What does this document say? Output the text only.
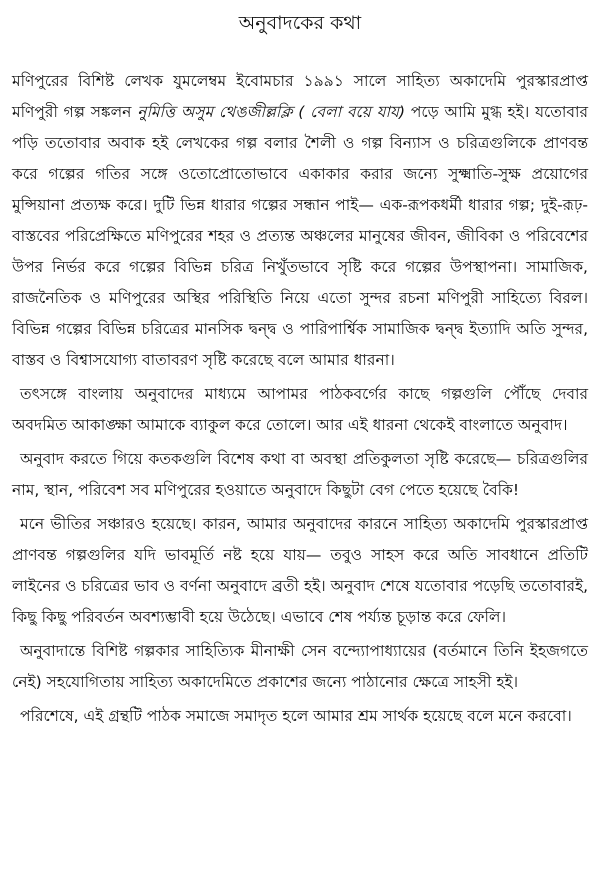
অনুবাদকের কথা

মণিপুরের বিশিষ্ট লেখক যুমলেম্বম ইবোমচার ১৯৯১ সালে সাহিত্য অকাদেমি পুরস্কারপ্রাপ্ত মণিপুরী গল্প সঙ্কলন নুমিত্তি অসুম থেঙজীল্লক্লি ( বেলা বয়ে যায) পড়ে আমি মুগ্ধ হই। যতোবার পড়ি ততোবার অবাক হই লেখকের গল্প বলার শৈলী ও গল্প বিন্যাস ও চরিত্রগুলিকে প্রাণবন্ত করে গল্পের গতির সঙ্গে ওতোপ্রোতোভাবে একাকার করার জন্যে সুক্ষ্মাতি-সুক্ষ প্রয়োগের মুন্সিয়ানা প্রত্যক্ষ করে। দুটি ভিন্ন ধারার গল্পের সন্ধান পাই— এক-রূপকধর্মী ধারার গল্প; দুই-রূঢ়-বাস্তবের পরিপ্রেক্ষিতে মণিপুরের শহর ও প্রত্যন্ত অঞ্চলের মানুষের জীবন, জীবিকা ও পরিবেশের উপর নির্ভর করে গল্পের বিভিন্ন চরিত্র নিখুঁতভাবে সৃষ্টি করে গল্পের উপস্থাপনা। সামাজিক, রাজনৈতিক ও মণিপুরের অস্থির পরিস্থিতি নিয়ে এতো সুন্দর রচনা মণিপুরী সাহিত্যে বিরল। বিভিন্ন গল্পের বিভিন্ন চরিত্রের মানসিক দ্বন্দ্ব ও পারিপার্শ্বিক সামাজিক দ্বন্দ্ব ইত্যাদি অতি সুন্দর, বাস্তব ও বিশ্বাসযোগ্য বাতাবরণ সৃষ্টি করেছে বলে আমার ধারনা।

তৎসঙ্গে বাংলায় অনুবাদের মাধ্যমে আপামর পাঠকবর্গের কাছে গল্পগুলি পৌঁছে দেবার অবদমিত আকাঙ্ক্ষা আমাকে ব্যাকুল করে তোলে। আর এই ধারনা থেকেই বাংলাতে অনুবাদ।

অনুবাদ করতে গিয়ে কতকগুলি বিশেষ কথা বা অবস্থা প্রতিকুলতা সৃষ্টি করেছে— চরিত্রগুলির নাম, স্থান, পরিবেশ সব মণিপুরের হওয়াতে অনুবাদে কিছুটা বেগ পেতে হয়েছে বৈকি!

মনে ভীতির সঞ্চারও হয়েছে। কারন, আমার অনুবাদের কারনে সাহিত্য অকাদেমি পুরস্কারপ্রাপ্ত প্রাণবন্ত গল্পগুলির যদি ভাবমূর্তি নষ্ট হয়ে যায়— তবুও সাহস করে অতি সাবধানে প্রতিটি লাইনের ও চরিত্রের ভাব ও বর্ণনা অনুবাদে ব্রতী হই। অনুবাদ শেষে যতোবার পড়েছি ততোবারই, কিছু কিছু পরিবর্তন অবশ্যম্ভাবী হয়ে উঠেছে। এভাবে শেষ পর্য্যন্ত চূড়ান্ত করে ফেলি।

অনুবাদান্তে বিশিষ্ট গল্পকার সাহিত্যিক মীনাক্ষী সেন বন্দ্যোপাধ্যায়ের (বর্তমানে তিনি ইহজগতে নেই) সহযোগিতায় সাহিত্য অকাদেমিতে প্রকাশের জন্যে পাঠানোর ক্ষেত্রে সাহসী হই।

পরিশেষে, এই গ্রন্থটি পাঠক সমাজে সমাদৃত হলে আমার শ্রম সার্থক হয়েছে বলে মনে করবো।
